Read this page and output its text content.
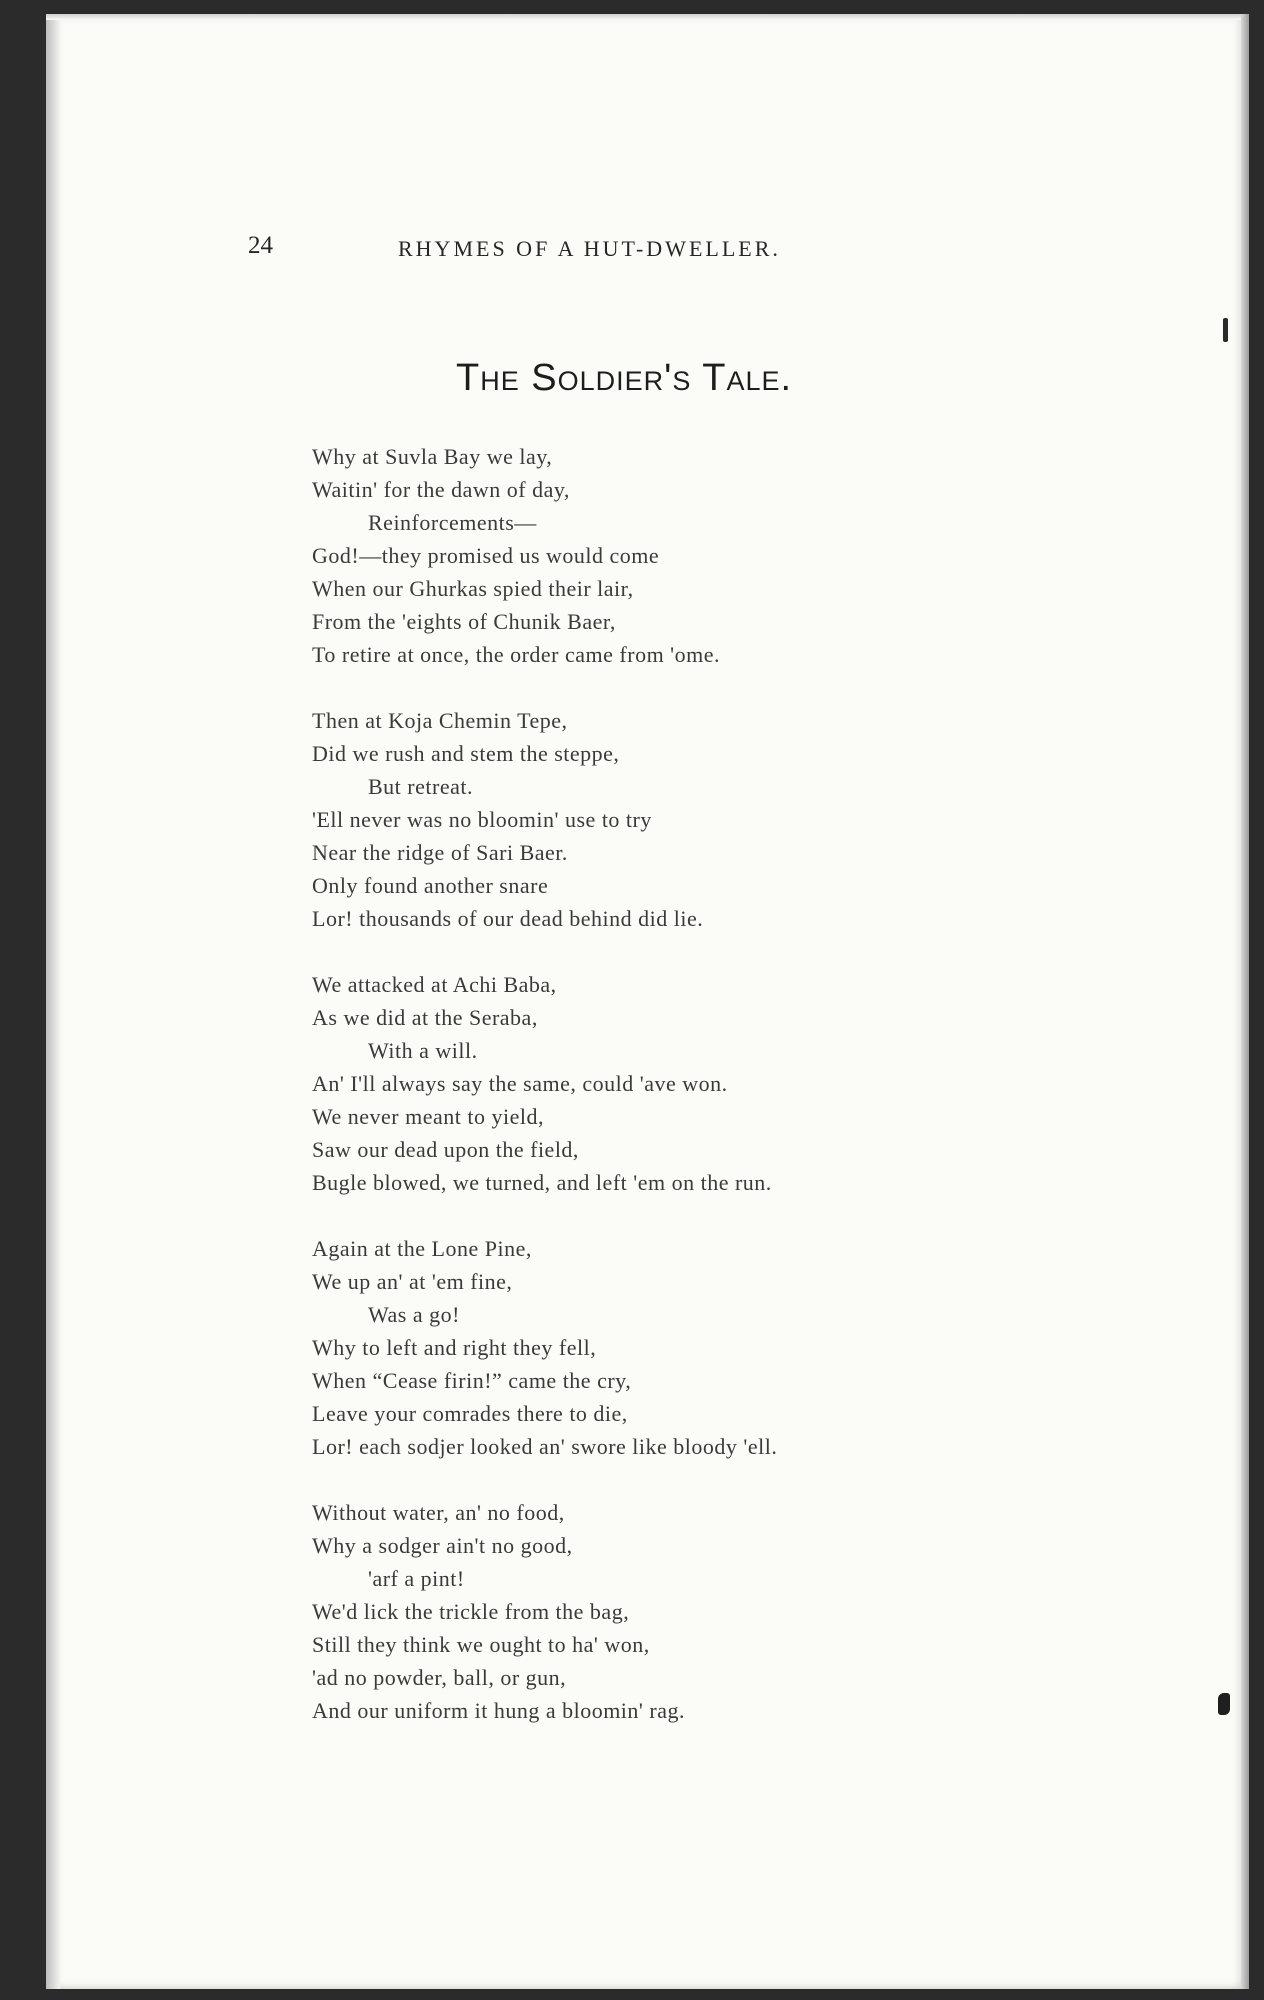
24	RHYMES OF A HUT-DWELLER.
The Soldier's Tale.
Why at Suvla Bay we lay,
Waitin' for the dawn of day,
Reinforcements—
God!—they promised us would come
When our Ghurkas spied their lair,
From the 'eights of Chunik Baer,
To retire at once, the order came from 'ome.
Then at Koja Chemin Tepe,
Did we rush and stem the steppe,
But retreat.
'Ell never was no bloomin' use to try
Near the ridge of Sari Baer.
Only found another snare
Lor! thousands of our dead behind did lie.
We attacked at Achi Baba,
As we did at the Seraba,
With a will.
An' I'll always say the same, could 'ave won.
We never meant to yield,
Saw our dead upon the field,
Bugle blowed, we turned, and left 'em on the run.
Again at the Lone Pine,
We up an' at 'em fine,
Was a go!
Why to left and right they fell,
When “Cease firin!” came the cry,
Leave your comrades there to die,
Lor! each sodjer looked an' swore like bloody 'ell.
Without water, an' no food,
Why a sodger ain't no good,
'arf a pint!
We'd lick the trickle from the bag,
Still they think we ought to ha' won,
'ad no powder, ball, or gun,
And our uniform it hung a bloomin' rag.
